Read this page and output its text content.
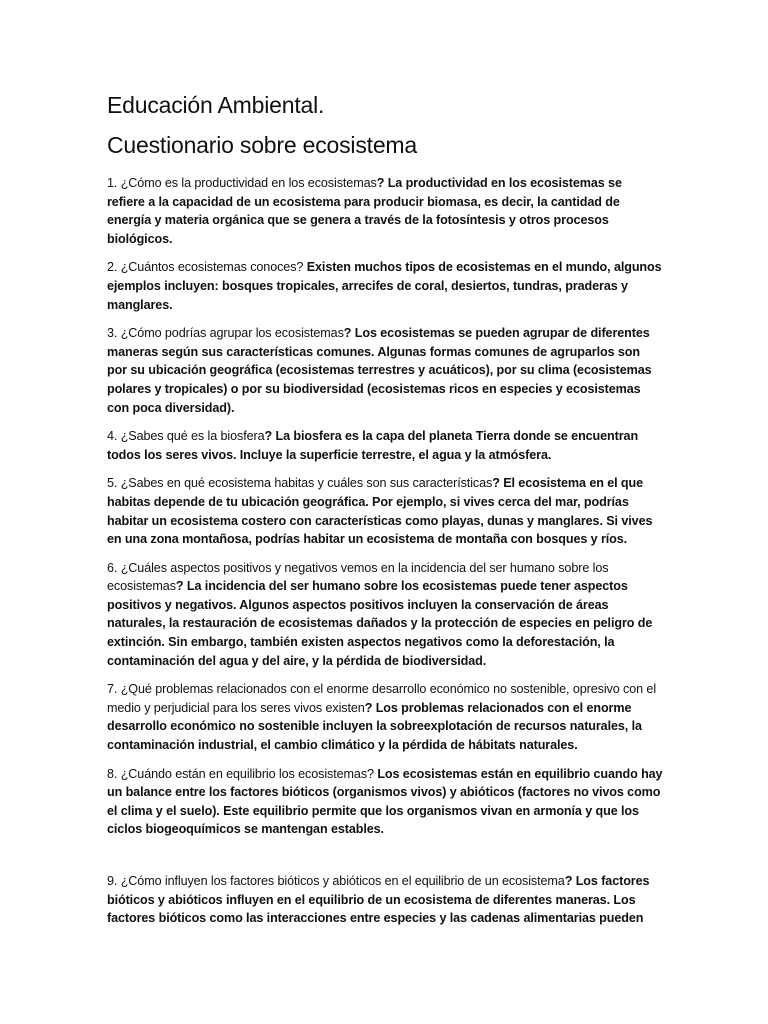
Educación Ambiental.
Cuestionario sobre ecosistema

1. ¿Cómo es la productividad en los ecosistemas? La productividad en los ecosistemas se refiere a la capacidad de un ecosistema para producir biomasa, es decir, la cantidad de energía y materia orgánica que se genera a través de la fotosíntesis y otros procesos biológicos.

2. ¿Cuántos ecosistemas conoces? Existen muchos tipos de ecosistemas en el mundo, algunos ejemplos incluyen: bosques tropicales, arrecifes de coral, desiertos, tundras, praderas y manglares.

3. ¿Cómo podrías agrupar los ecosistemas? Los ecosistemas se pueden agrupar de diferentes maneras según sus características comunes. Algunas formas comunes de agruparlos son por su ubicación geográfica (ecosistemas terrestres y acuáticos), por su clima (ecosistemas polares y tropicales) o por su biodiversidad (ecosistemas ricos en especies y ecosistemas con poca diversidad).

4. ¿Sabes qué es la biosfera? La biosfera es la capa del planeta Tierra donde se encuentran todos los seres vivos. Incluye la superficie terrestre, el agua y la atmósfera.

5. ¿Sabes en qué ecosistema habitas y cuáles son sus características? El ecosistema en el que habitas depende de tu ubicación geográfica. Por ejemplo, si vives cerca del mar, podrías habitar un ecosistema costero con características como playas, dunas y manglares. Si vives en una zona montañosa, podrías habitar un ecosistema de montaña con bosques y ríos.

6. ¿Cuáles aspectos positivos y negativos vemos en la incidencia del ser humano sobre los ecosistemas? La incidencia del ser humano sobre los ecosistemas puede tener aspectos positivos y negativos. Algunos aspectos positivos incluyen la conservación de áreas naturales, la restauración de ecosistemas dañados y la protección de especies en peligro de extinción. Sin embargo, también existen aspectos negativos como la deforestación, la contaminación del agua y del aire, y la pérdida de biodiversidad.

7. ¿Qué problemas relacionados con el enorme desarrollo económico no sostenible, opresivo con el medio y perjudicial para los seres vivos existen? Los problemas relacionados con el enorme desarrollo económico no sostenible incluyen la sobreexplotación de recursos naturales, la contaminación industrial, el cambio climático y la pérdida de hábitats naturales.

8. ¿Cuándo están en equilibrio los ecosistemas? Los ecosistemas están en equilibrio cuando hay un balance entre los factores bióticos (organismos vivos) y abióticos (factores no vivos como el clima y el suelo). Este equilibrio permite que los organismos vivan en armonía y que los ciclos biogeoquímicos se mantengan estables.

9. ¿Cómo influyen los factores bióticos y abióticos en el equilibrio de un ecosistema? Los factores bióticos y abióticos influyen en el equilibrio de un ecosistema de diferentes maneras. Los factores bióticos como las interacciones entre especies y las cadenas alimentarias pueden
